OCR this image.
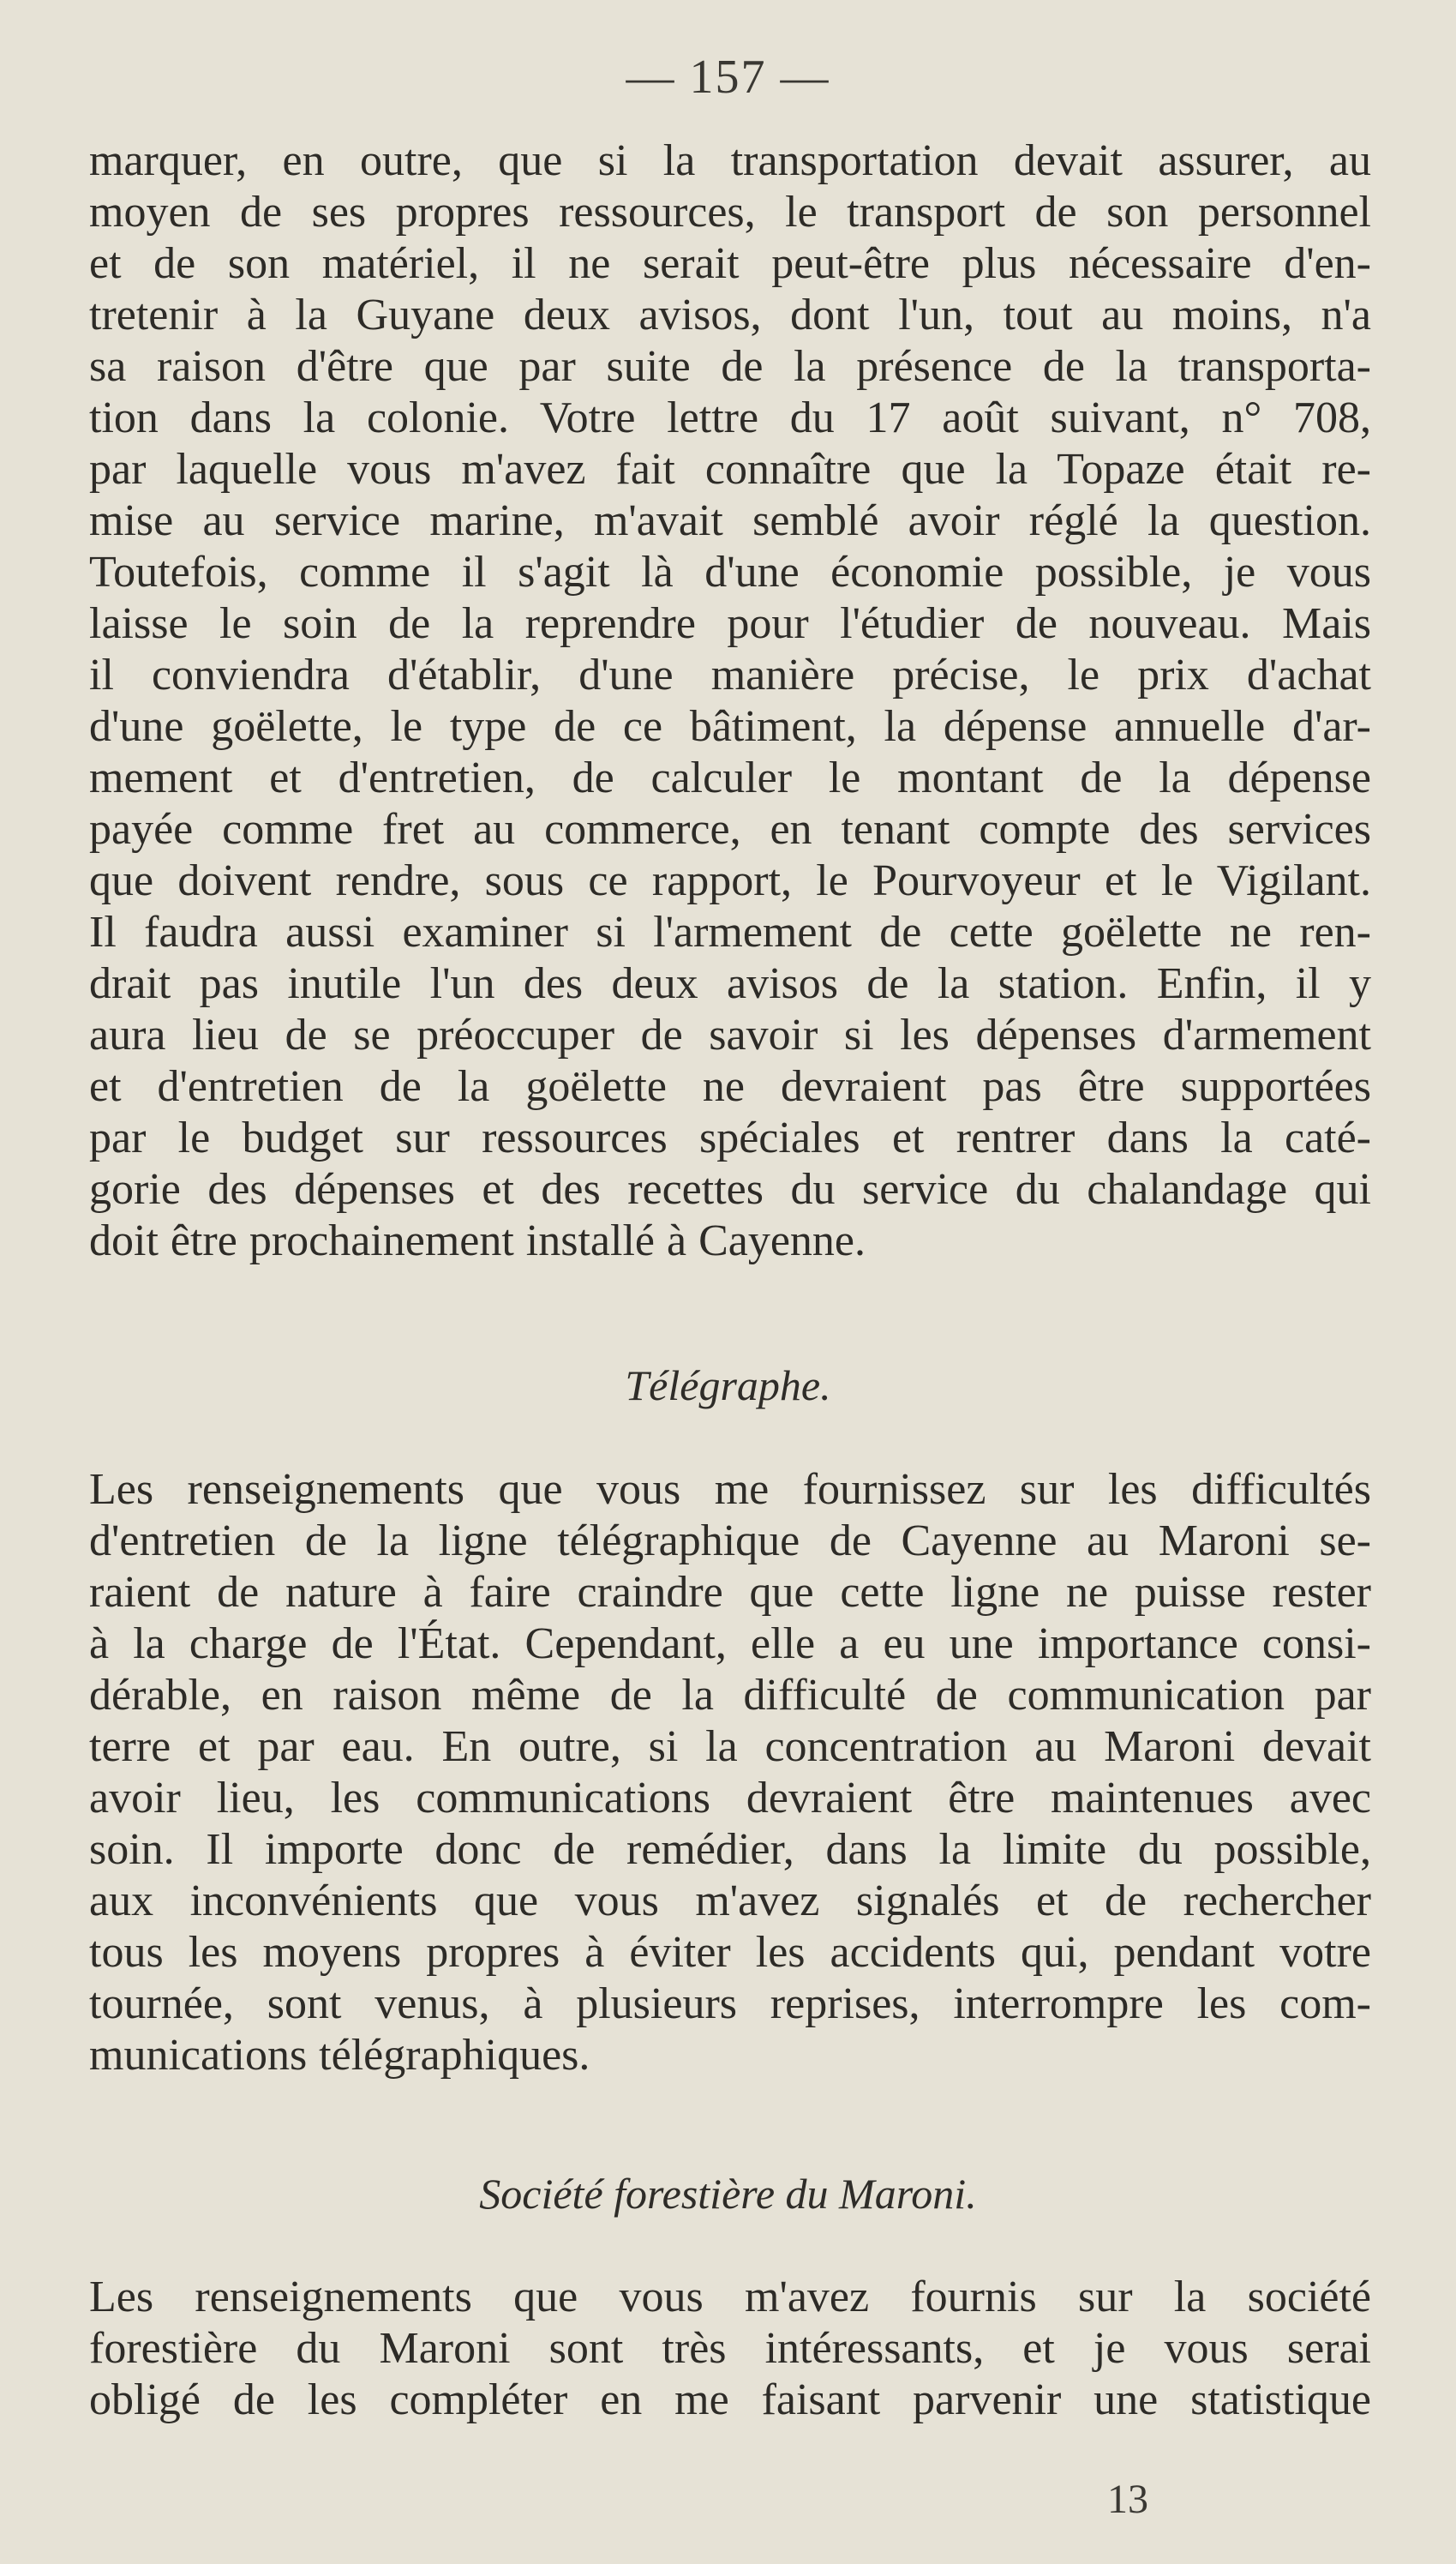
— 157 —
marquer, en outre, que si la transportation devait assurer, au
moyen de ses propres ressources, le transport de son personnel
et de son matériel, il ne serait peut-être plus nécessaire d'en-
tretenir à la Guyane deux avisos, dont l'un, tout au moins, n'a
sa raison d'être que par suite de la présence de la transporta-
tion dans la colonie. Votre lettre du 17 août suivant, n° 708,
par laquelle vous m'avez fait connaître que la Topaze était re-
mise au service marine, m'avait semblé avoir réglé la question.
Toutefois, comme il s'agit là d'une économie possible, je vous
laisse le soin de la reprendre pour l'étudier de nouveau. Mais
il conviendra d'établir, d'une manière précise, le prix d'achat
d'une goëlette, le type de ce bâtiment, la dépense annuelle d'ar-
mement et d'entretien, de calculer le montant de la dépense
payée comme fret au commerce, en tenant compte des services
que doivent rendre, sous ce rapport, le Pourvoyeur et le Vigilant.
Il faudra aussi examiner si l'armement de cette goëlette ne ren-
drait pas inutile l'un des deux avisos de la station. Enfin, il y
aura lieu de se préoccuper de savoir si les dépenses d'armement
et d'entretien de la goëlette ne devraient pas être supportées
par le budget sur ressources spéciales et rentrer dans la caté-
gorie des dépenses et des recettes du service du chalandage qui
doit être prochainement installé à Cayenne.
Télégraphe.
Les renseignements que vous me fournissez sur les difficultés
d'entretien de la ligne télégraphique de Cayenne au Maroni se-
raient de nature à faire craindre que cette ligne ne puisse rester
à la charge de l'État. Cependant, elle a eu une importance consi-
dérable, en raison même de la difficulté de communication par
terre et par eau. En outre, si la concentration au Maroni devait
avoir lieu, les communications devraient être maintenues avec
soin. Il importe donc de remédier, dans la limite du possible,
aux inconvénients que vous m'avez signalés et de rechercher
tous les moyens propres à éviter les accidents qui, pendant votre
tournée, sont venus, à plusieurs reprises, interrompre les com-
munications télégraphiques.
Société forestière du Maroni.
Les renseignements que vous m'avez fournis sur la société
forestière du Maroni sont très intéressants, et je vous serai
obligé de les compléter en me faisant parvenir une statistique
13
